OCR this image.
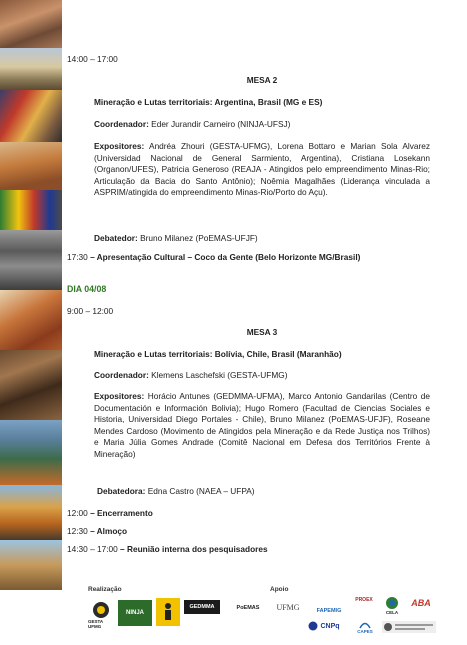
14:00 – 17:00
MESA 2
Mineração e Lutas territoriais: Argentina, Brasil (MG e ES)
Coordenador: Eder Jurandir Carneiro (NINJA-UFSJ)
Expositores: Andréa Zhouri (GESTA-UFMG), Lorena Bottaro e Marian Sola Alvarez (Universidad Nacional de General Sarmiento, Argentina), Cristiana Losekann (Organon/UFES), Patricia Generoso (REAJA - Atingidos pelo empreendimento Minas-Rio; Articulação da Bacia do Santo Antônio); Noêmia Magalhães (Liderança vinculada a ASPRIM/atingida do empreendimento Minas-Rio/Porto do Açu).
Debatedor: Bruno Milanez (PoEMAS-UFJF)
17:30 – Apresentação Cultural – Coco da Gente (Belo Horizonte MG/Brasil)
DIA 04/08
9:00 – 12:00
MESA 3
Mineração e Lutas territoriais: Bolívia, Chile, Brasil (Maranhão)
Coordenador: Klemens Laschefski (GESTA-UFMG)
Expositores: Horácio Antunes (GEDMMA-UFMA), Marco Antonio Gandarilas (Centro de Documentación e Información Bolivia); Hugo Romero (Facultad de Ciencias Sociales e Historia, Universidad Diego Portales - Chile), Bruno Milanez (PoEMAS-UFJF), Roseane Mendes Cardoso (Movimento de Atingidos pela Mineração e da Rede Justiça nos Trilhos) e Maria Júlia Gomes Andrade (Comitê Nacional em Defesa dos Territórios Frente à Mineração)
Debatedora: Edna Castro (NAEA – UFPA)
12:00 – Encerramento
12:30 – Almoço
14:30 – 17:00 – Reunião interna dos pesquisadores
Realização	Apoio
GESTA UFMG
NINJA
GEDMMA	PoEMAS	UFMG	FAPEMIG
PROEX
CELA
ABA
CNPq
CAPES
